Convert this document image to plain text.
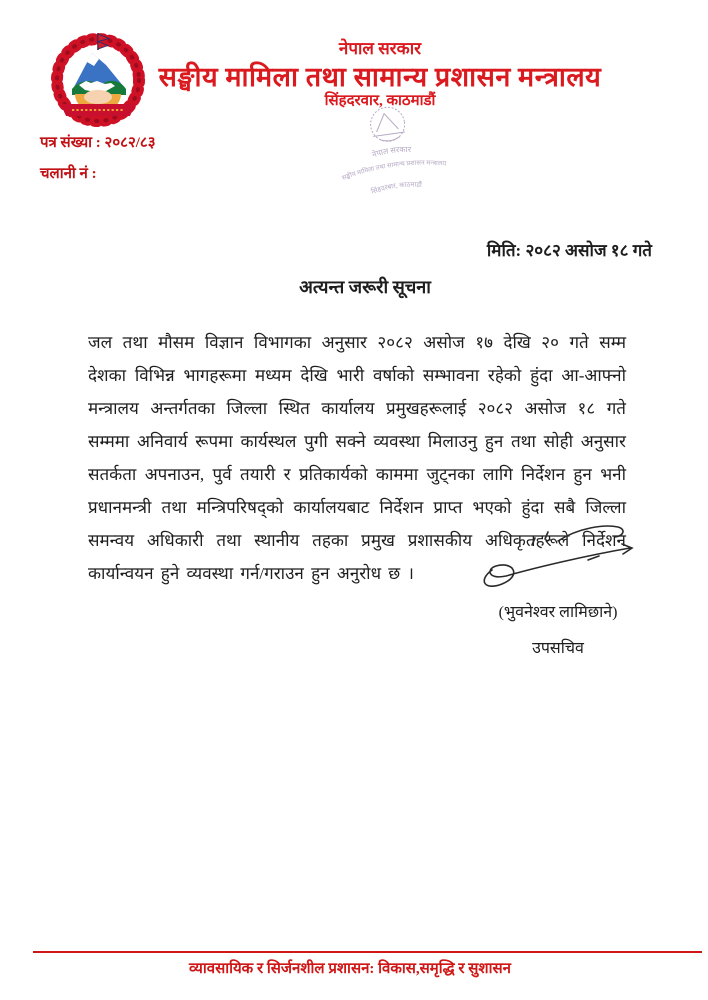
नेपाल सरकार
सङ्घीय मामिला तथा सामान्य प्रशासन मन्त्रालय
सिंहदरवार, काठमाडौं
पत्र संख्या : २०८२/८३
चलानी नं :
नेपाल सरकार
सङ्घीय मामिला तथा सामान्य प्रशासन मन्त्रालय
सिंहदरबार, काठमाडौं
मिति: २०८२ असोज १८ गते
अत्यन्त जरूरी सूचना

जल तथा मौसम विज्ञान विभागका अनुसार २०८२ असोज १७ देखि २० गते सम्म देशका विभिन्न भागहरूमा मध्यम देखि भारी वर्षाको सम्भावना रहेको हुंदा आ-आफ्नो मन्त्रालय अन्तर्गतका जिल्ला स्थित कार्यालय प्रमुखहरूलाई २०८२ असोज १८ गते सम्ममा अनिवार्य रूपमा कार्यस्थल पुगी सक्ने व्यवस्था मिलाउनु हुन तथा सोही अनुसार सतर्कता अपनाउन, पुर्व तयारी र प्रतिकार्यको काममा जुट्नका लागि निर्देशन हुन भनी प्रधानमन्त्री तथा मन्त्रिपरिषद्को कार्यालयबाट निर्देशन प्राप्त भएको हुंदा सबै जिल्ला समन्वय अधिकारी तथा स्थानीय तहका प्रमुख प्रशासकीय अधिकृतहरूले निर्देशन कार्यान्वयन हुने व्यवस्था गर्न/गराउन हुन अनुरोध छ ।

(भुवनेश्वर लामिछाने)
उपसचिव
व्यावसायिक र सिर्जनशील प्रशासन: विकास,समृद्धि र सुशासन
